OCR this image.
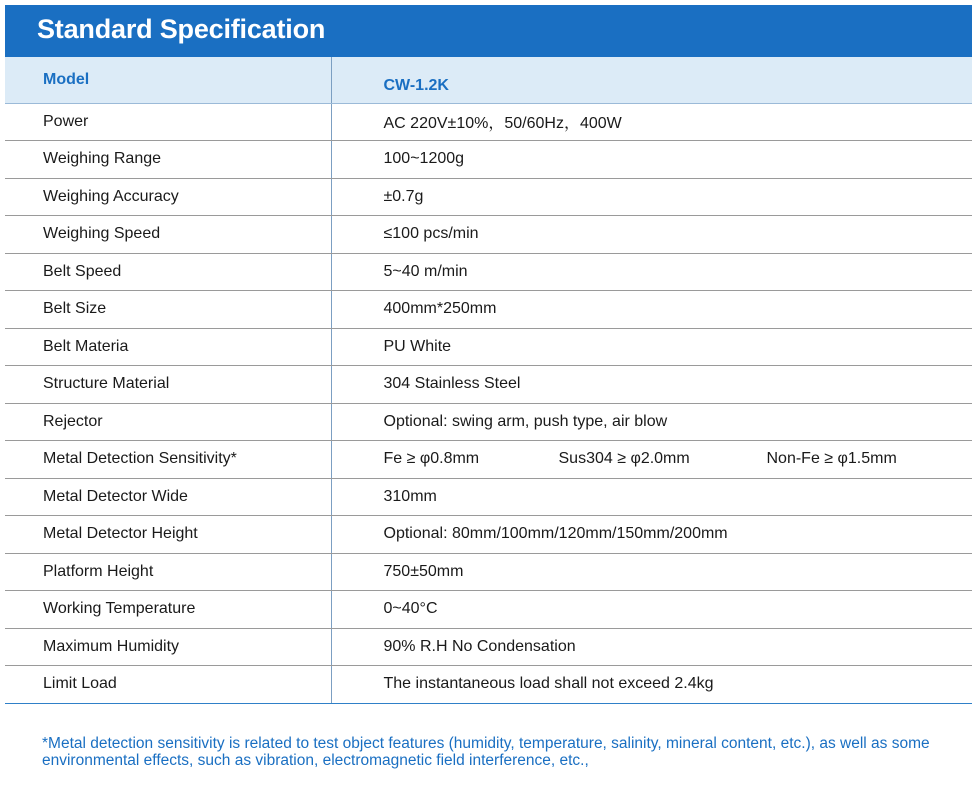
Standard Specification
Model	CW-1.2K
Power	AC 220V±10%，50/60Hz，400W
Weighing Range	100~1200g
Weighing Accuracy	±0.7g
Weighing Speed	≤100 pcs/min
Belt Speed	5~40 m/min
Belt Size	400mm*250mm
Belt Materia	PU White
Structure Material	304 Stainless Steel
Rejector	Optional: swing arm, push type, air blow
Metal Detection Sensitivity*	Fe ≥ φ0.8mm Sus304 ≥ φ2.0mm Non-Fe ≥ φ1.5mm

Metal Detector Wide	310mm
Metal Detector Height	Optional: 80mm/100mm/120mm/150mm/200mm
Platform Height	750±50mm
Working Temperature	0~40°C
Maximum Humidity	90% R.H No Condensation
Limit Load	The instantaneous load shall not exceed 2.4kg
*Metal detection sensitivity is related to test object features (humidity, temperature, salinity, mineral content, etc.), as well as some environmental effects, such as vibration, electromagnetic field interference, etc.,
